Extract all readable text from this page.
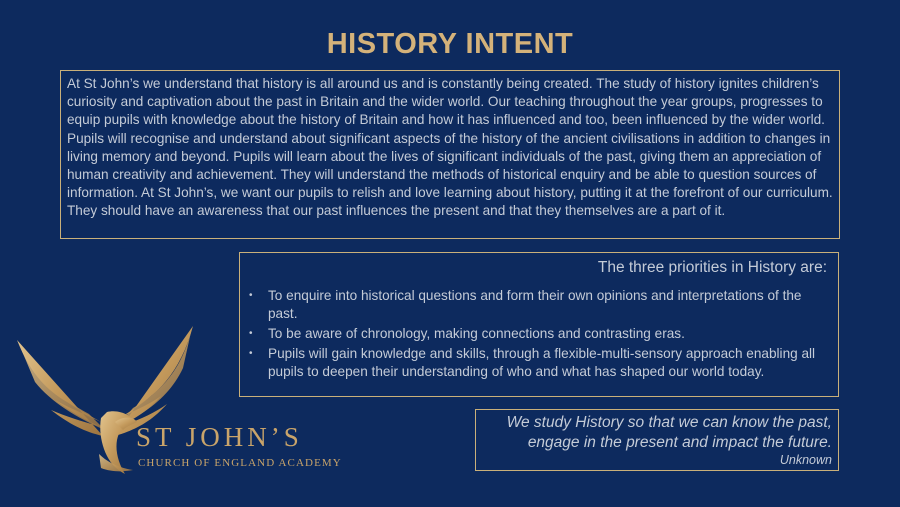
HISTORY INTENT
At St John’s we understand that history is all around us and is constantly being created. The study of history ignites children’s curiosity and captivation about the past in Britain and the wider world. Our teaching throughout the year groups, progresses to equip pupils with knowledge about the history of Britain and how it has influenced and too, been influenced by the wider world. Pupils will recognise and understand about significant aspects of the history of the ancient civilisations in addition to changes in living memory and beyond. Pupils will learn about the lives of significant individuals of the past, giving them an appreciation of human creativity and achievement. They will understand the methods of historical enquiry and be able to question sources of information. At St John’s, we want our pupils to relish and love learning about history, putting it at the forefront of our curriculum. They should have an awareness that our past influences the present and that they themselves are a part of it.
The three priorities in History are:
• To enquire into historical questions and form their own opinions and interpretations of the past.
• To be aware of chronology, making connections and contrasting eras.
• Pupils will gain knowledge and skills, through a flexible-multi-sensory approach enabling all pupils to deepen their understanding of who and what has shaped our world today.
We study History so that we can know the past, engage in the present and impact the future.
Unknown
ST JOHN’S
CHURCH OF ENGLAND ACADEMY
